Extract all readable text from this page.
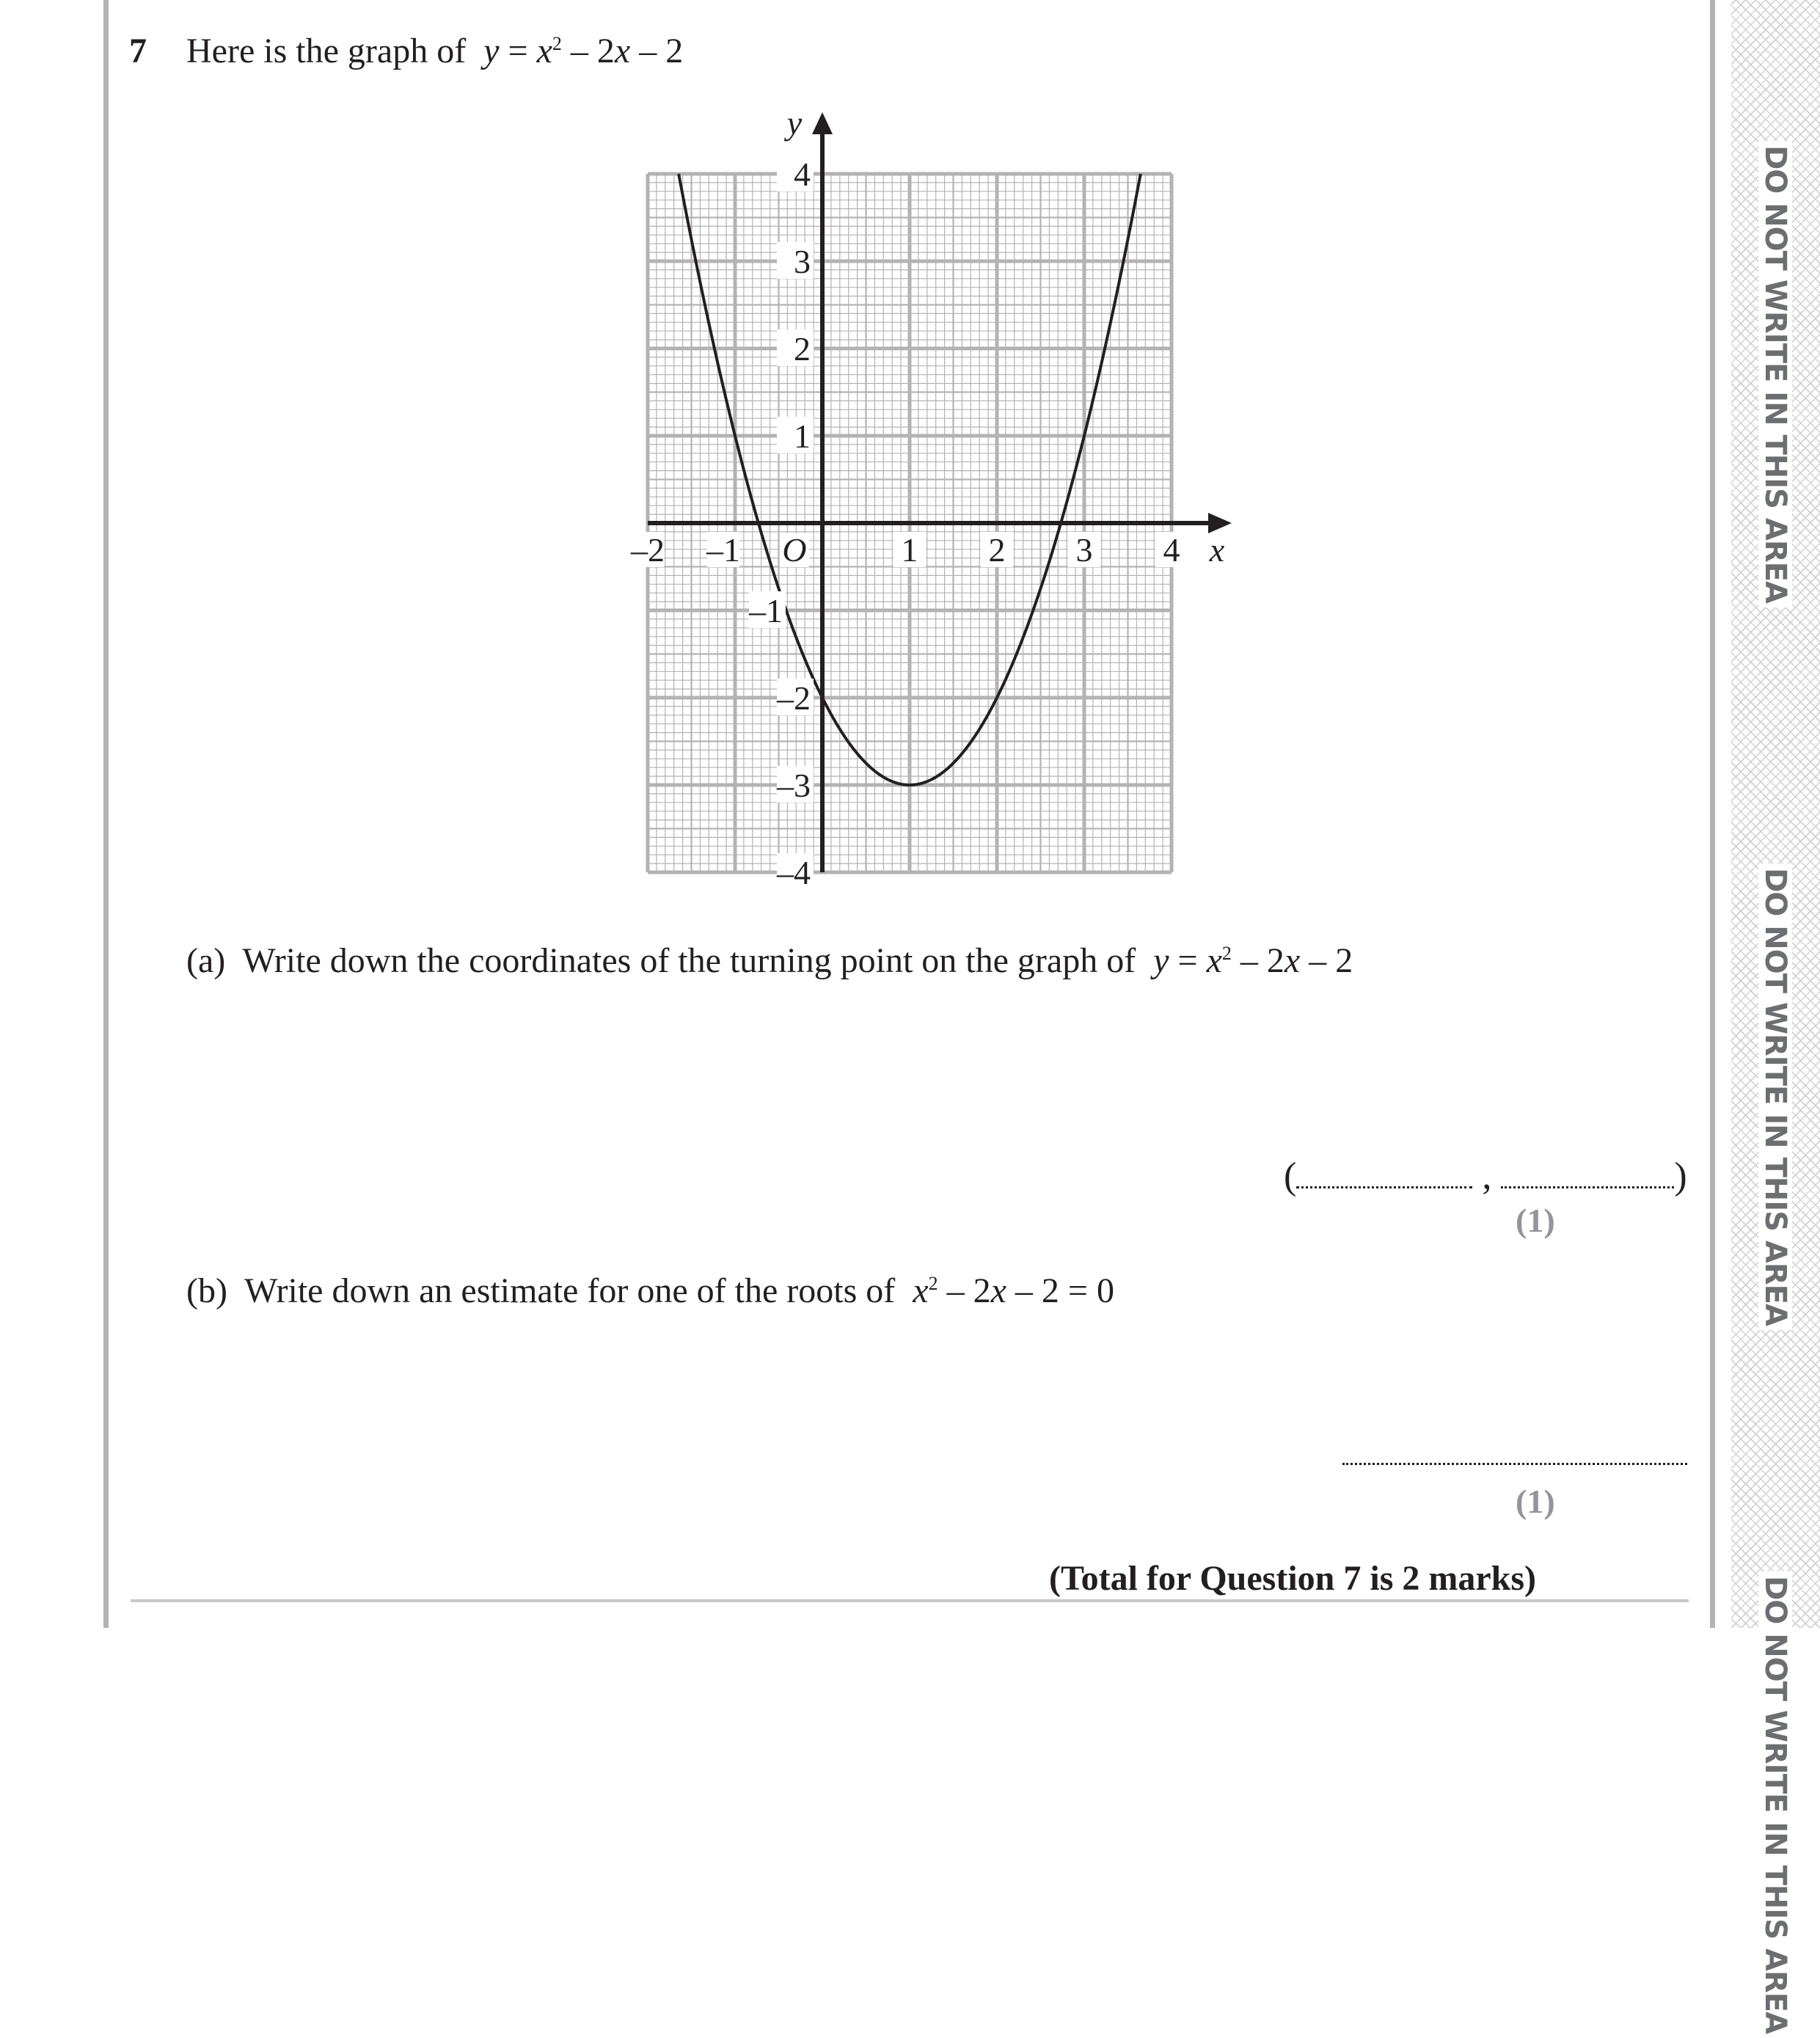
DO NOT WRITE IN THIS AREA
DO NOT WRITE IN THIS AREA
DO NOT WRITE IN THIS AREA
7 Here is the graph of $y = x^2 - 2x - 2$
–2 –1	1 2 3 4
4
3
2
1
–1
–2
–3
–4
O	x
y
(a) Write down the coordinates of the turning point on the graph of $y = x^2 - 2x - 2$
(	,	)
(1)
(b) Write down an estimate for one of the roots of $x^2 - 2x - 2 = 0$
(1)
(Total for Question 7 is 2 marks)
